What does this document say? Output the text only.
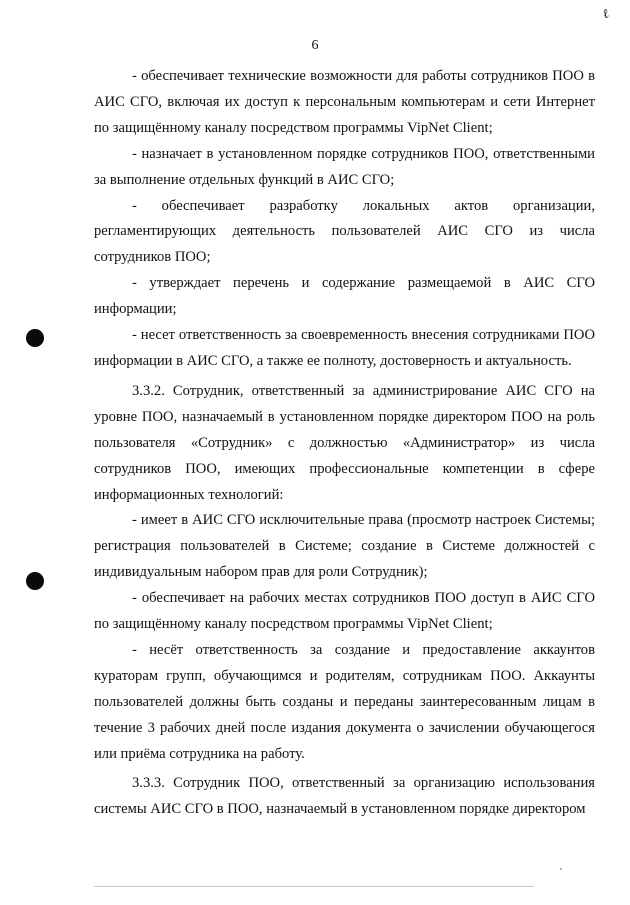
ℓ
6

- обеспечивает технические возможности для работы сотрудников ПОО в АИС СГО, включая их доступ к персональным компьютерам и сети Интернет по защищённому каналу посредством программы VipNet Client;

- назначает в установленном порядке сотрудников ПОО, ответственными за выполнение отдельных функций в АИС СГО;

- обеспечивает разработку локальных актов организации, регламентирующих деятельность пользователей АИС СГО из числа сотрудников ПОО;

- утверждает перечень и содержание размещаемой в АИС СГО информации;

- несет ответственность за своевременность внесения сотрудниками ПОО информации в АИС СГО, а также ее полноту, достоверность и актуальность.

3.3.2. Сотрудник, ответственный за администрирование АИС СГО на уровне ПОО, назначаемый в установленном порядке директором ПОО на роль пользователя «Сотрудник» с должностью «Администратор» из числа сотрудников ПОО, имеющих профессиональные компетенции в сфере информационных технологий:

- имеет в АИС СГО исключительные права (просмотр настроек Системы; регистрация пользователей в Системе; создание в Системе должностей с индивидуальным набором прав для роли Сотрудник);

- обеспечивает на рабочих местах сотрудников ПОО доступ в АИС СГО по защищённому каналу посредством программы VipNet Client;

- несёт ответственность за создание и предоставление аккаунтов кураторам групп, обучающимся и родителям, сотрудникам ПОО. Аккаунты пользователей должны быть созданы и переданы заинтересованным лицам в течение 3 рабочих дней после издания документа о зачислении обучающегося или приёма сотрудника на работу.

3.3.3. Сотрудник ПОО, ответственный за организацию использования системы АИС СГО в ПОО, назначаемый в установленном порядке директором
